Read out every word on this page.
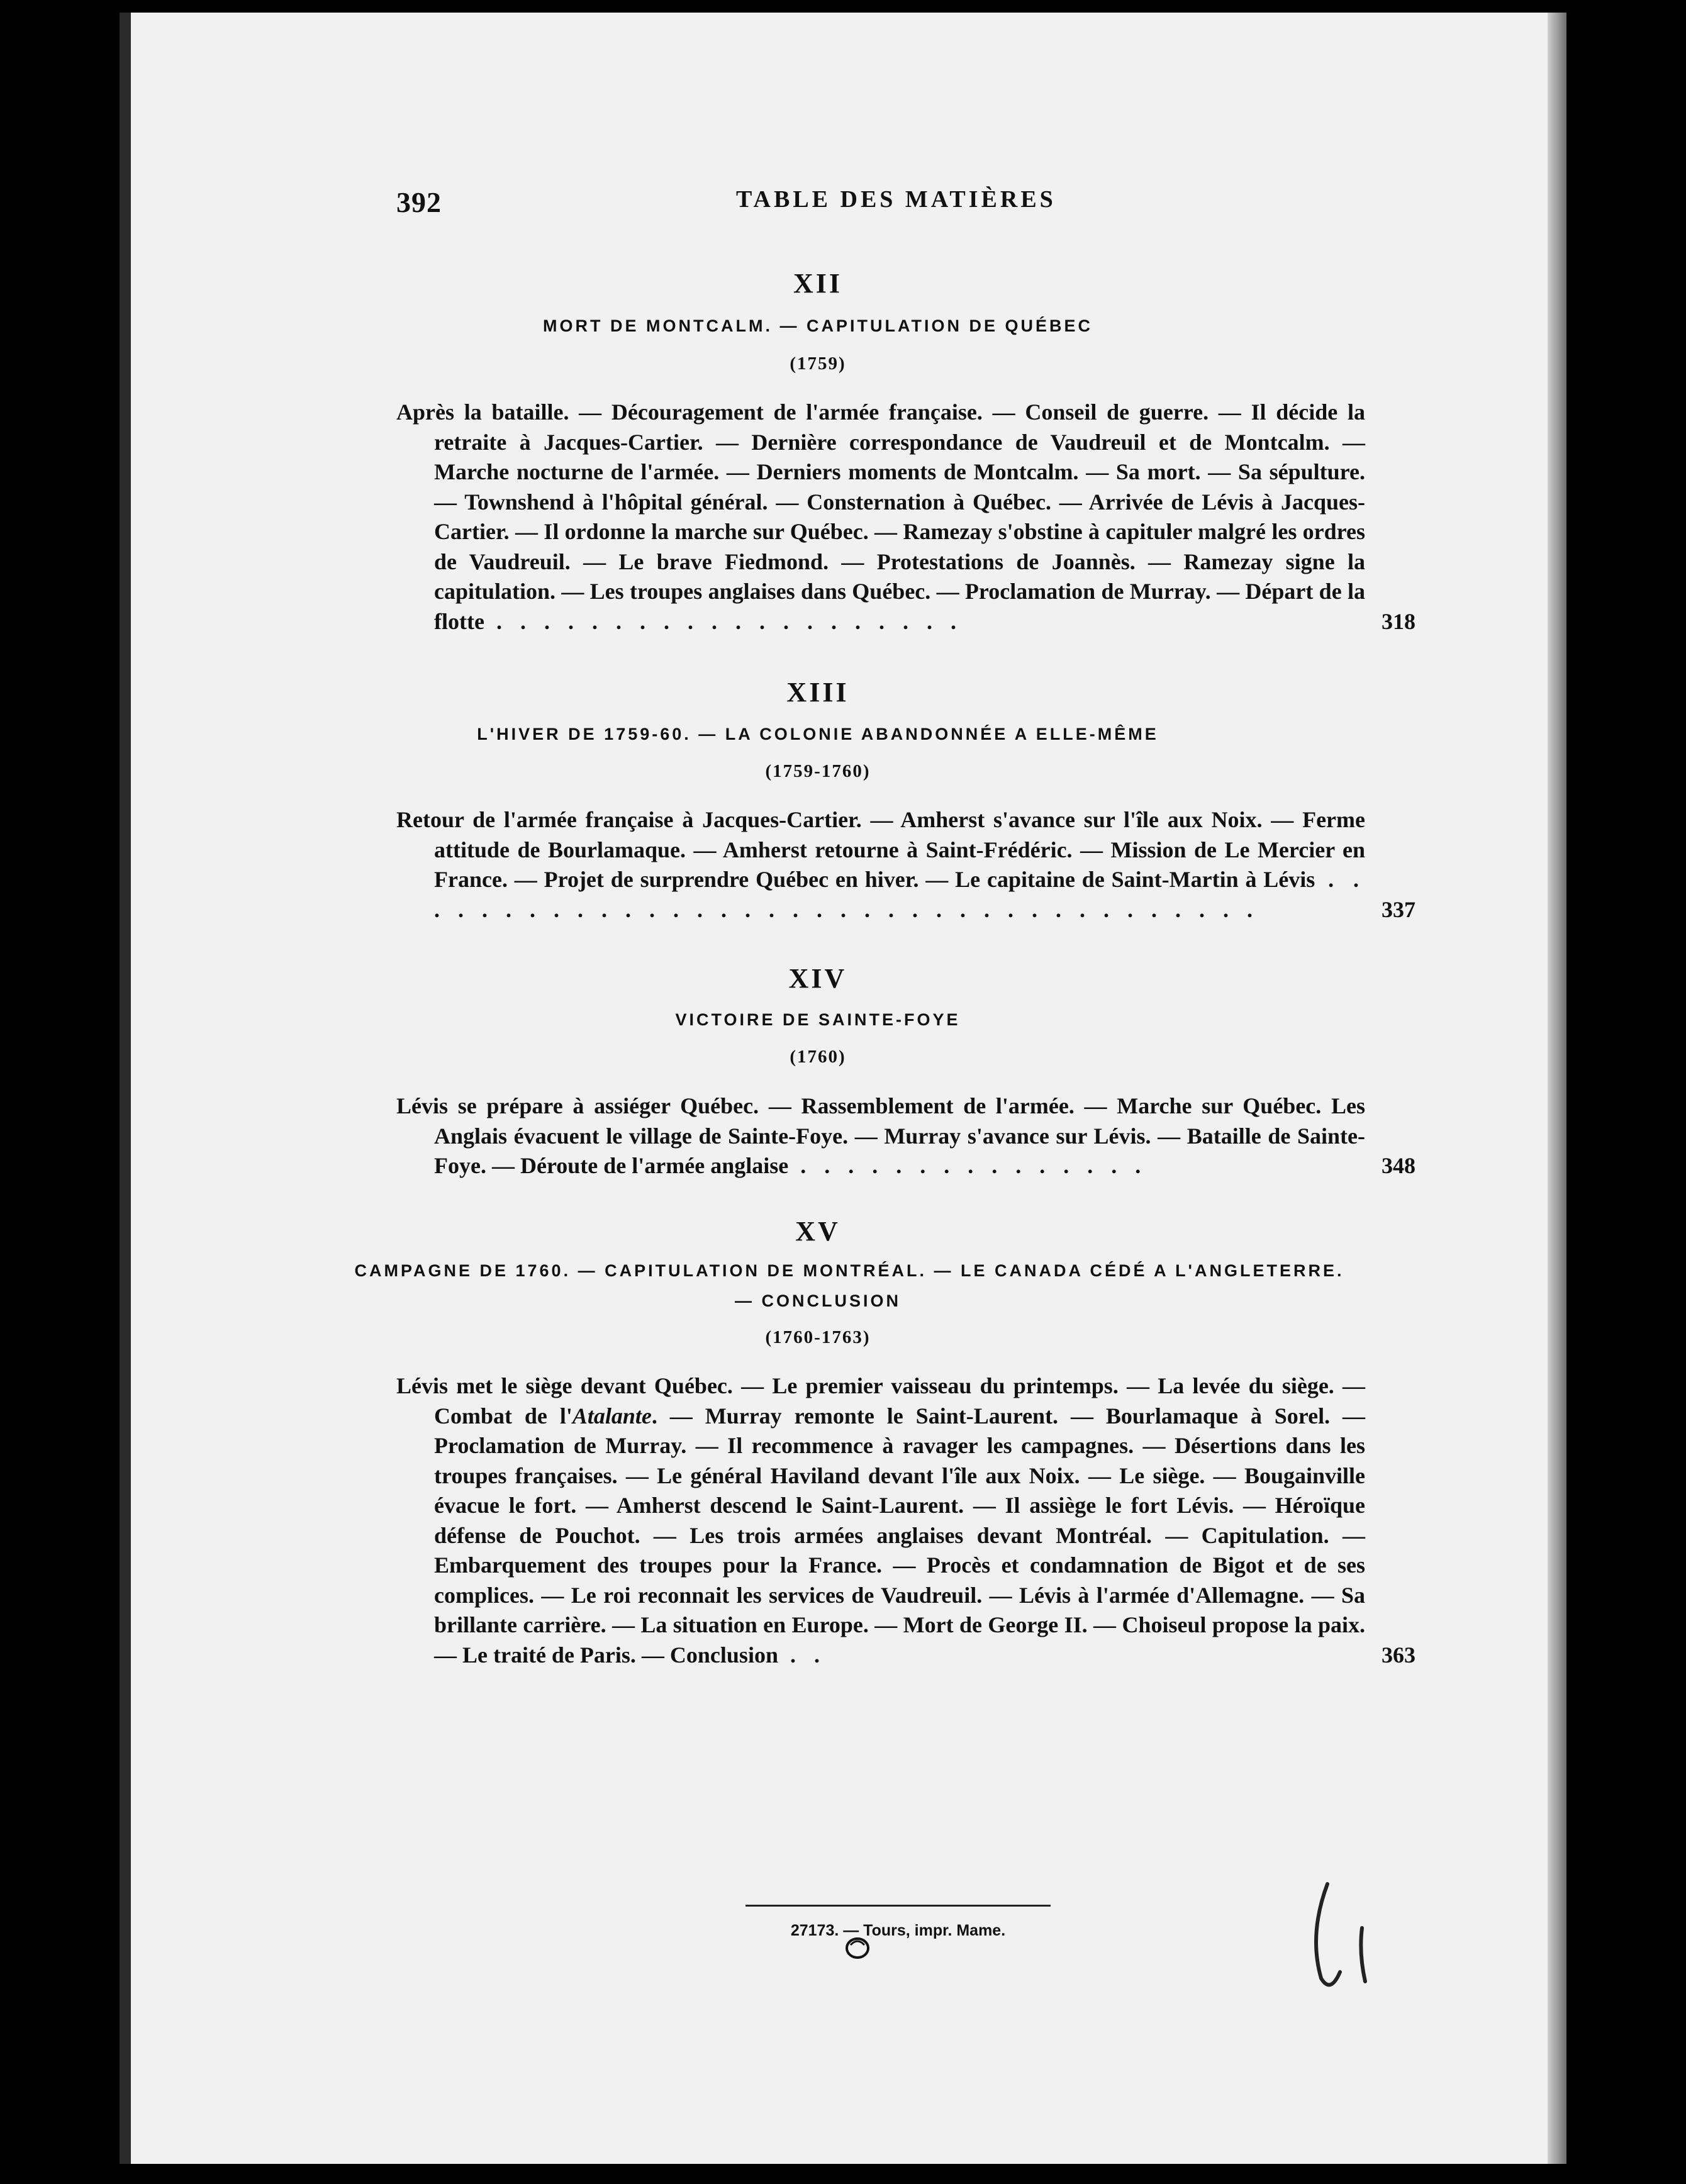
392	TABLE DES MATIÈRES
XII
MORT DE MONTCALM. — CAPITULATION DE QUÉBEC
(1759)
Après la bataille. — Découragement de l'armée française. — Conseil de guerre. — Il décide la retraite à Jacques-Cartier. — Dernière correspondance de Vaudreuil et de Montcalm. — Marche nocturne de l'armée. — Derniers moments de Montcalm. — Sa mort. — Sa sépulture. — Townshend à l'hôpital général. — Consternation à Québec. — Arrivée de Lévis à Jacques-Cartier. — Il ordonne la marche sur Québec. — Ramezay s'obstine à capituler malgré les ordres de Vaudreuil. — Le brave Fiedmond. — Protestations de Joannès. — Ramezay signe la capitulation. — Les troupes anglaises dans Québec. — Proclamation de Murray. — Départ de la flotte . . . . . . . . . . . . . . . . . . . .	318
XIII
L'HIVER DE 1759-60. — LA COLONIE ABANDONNÉE A ELLE-MÊME
(1759-1760)
Retour de l'armée française à Jacques-Cartier. — Amherst s'avance sur l'île aux Noix. — Ferme attitude de Bourlamaque. — Amherst retourne à Saint-Frédéric. — Mission de Le Mercier en France. — Projet de surprendre Québec en hiver. — Le capitaine de Saint-Martin à Lévis . . . . . . . . . . . . . . . . . . . . . . . . . . . . . . . . . . . . .	337
XIV
VICTOIRE DE SAINTE-FOYE
(1760)
Lévis se prépare à assiéger Québec. — Rassemblement de l'armée. — Marche sur Québec. Les Anglais évacuent le village de Sainte-Foye. — Murray s'avance sur Lévis. — Bataille de Sainte-Foye. — Déroute de l'armée anglaise . . . . . . . . . . . . . . .	348
XV
CAMPAGNE DE 1760. — CAPITULATION DE MONTRÉAL. — LE CANADA CÉDÉ A L'ANGLETERRE.
— CONCLUSION
(1760-1763)
Lévis met le siège devant Québec. — Le premier vaisseau du printemps. — La levée du siège. — Combat de l'Atalante. — Murray remonte le Saint-Laurent. — Bourlamaque à Sorel. — Proclamation de Murray. — Il recommence à ravager les campagnes. — Désertions dans les troupes françaises. — Le général Haviland devant l'île aux Noix. — Le siège. — Bougainville évacue le fort. — Amherst descend le Saint-Laurent. — Il assiège le fort Lévis. — Héroïque défense de Pouchot. — Les trois armées anglaises devant Montréal. — Capitulation. — Embarquement des troupes pour la France. — Procès et condamnation de Bigot et de ses complices. — Le roi reconnait les services de Vaudreuil. — Lévis à l'armée d'Allemagne. — Sa brillante carrière. — La situation en Europe. — Mort de George II. — Choiseul propose la paix. — Le traité de Paris. — Conclusion . .	363
27173. — Tours, impr. Mame.
